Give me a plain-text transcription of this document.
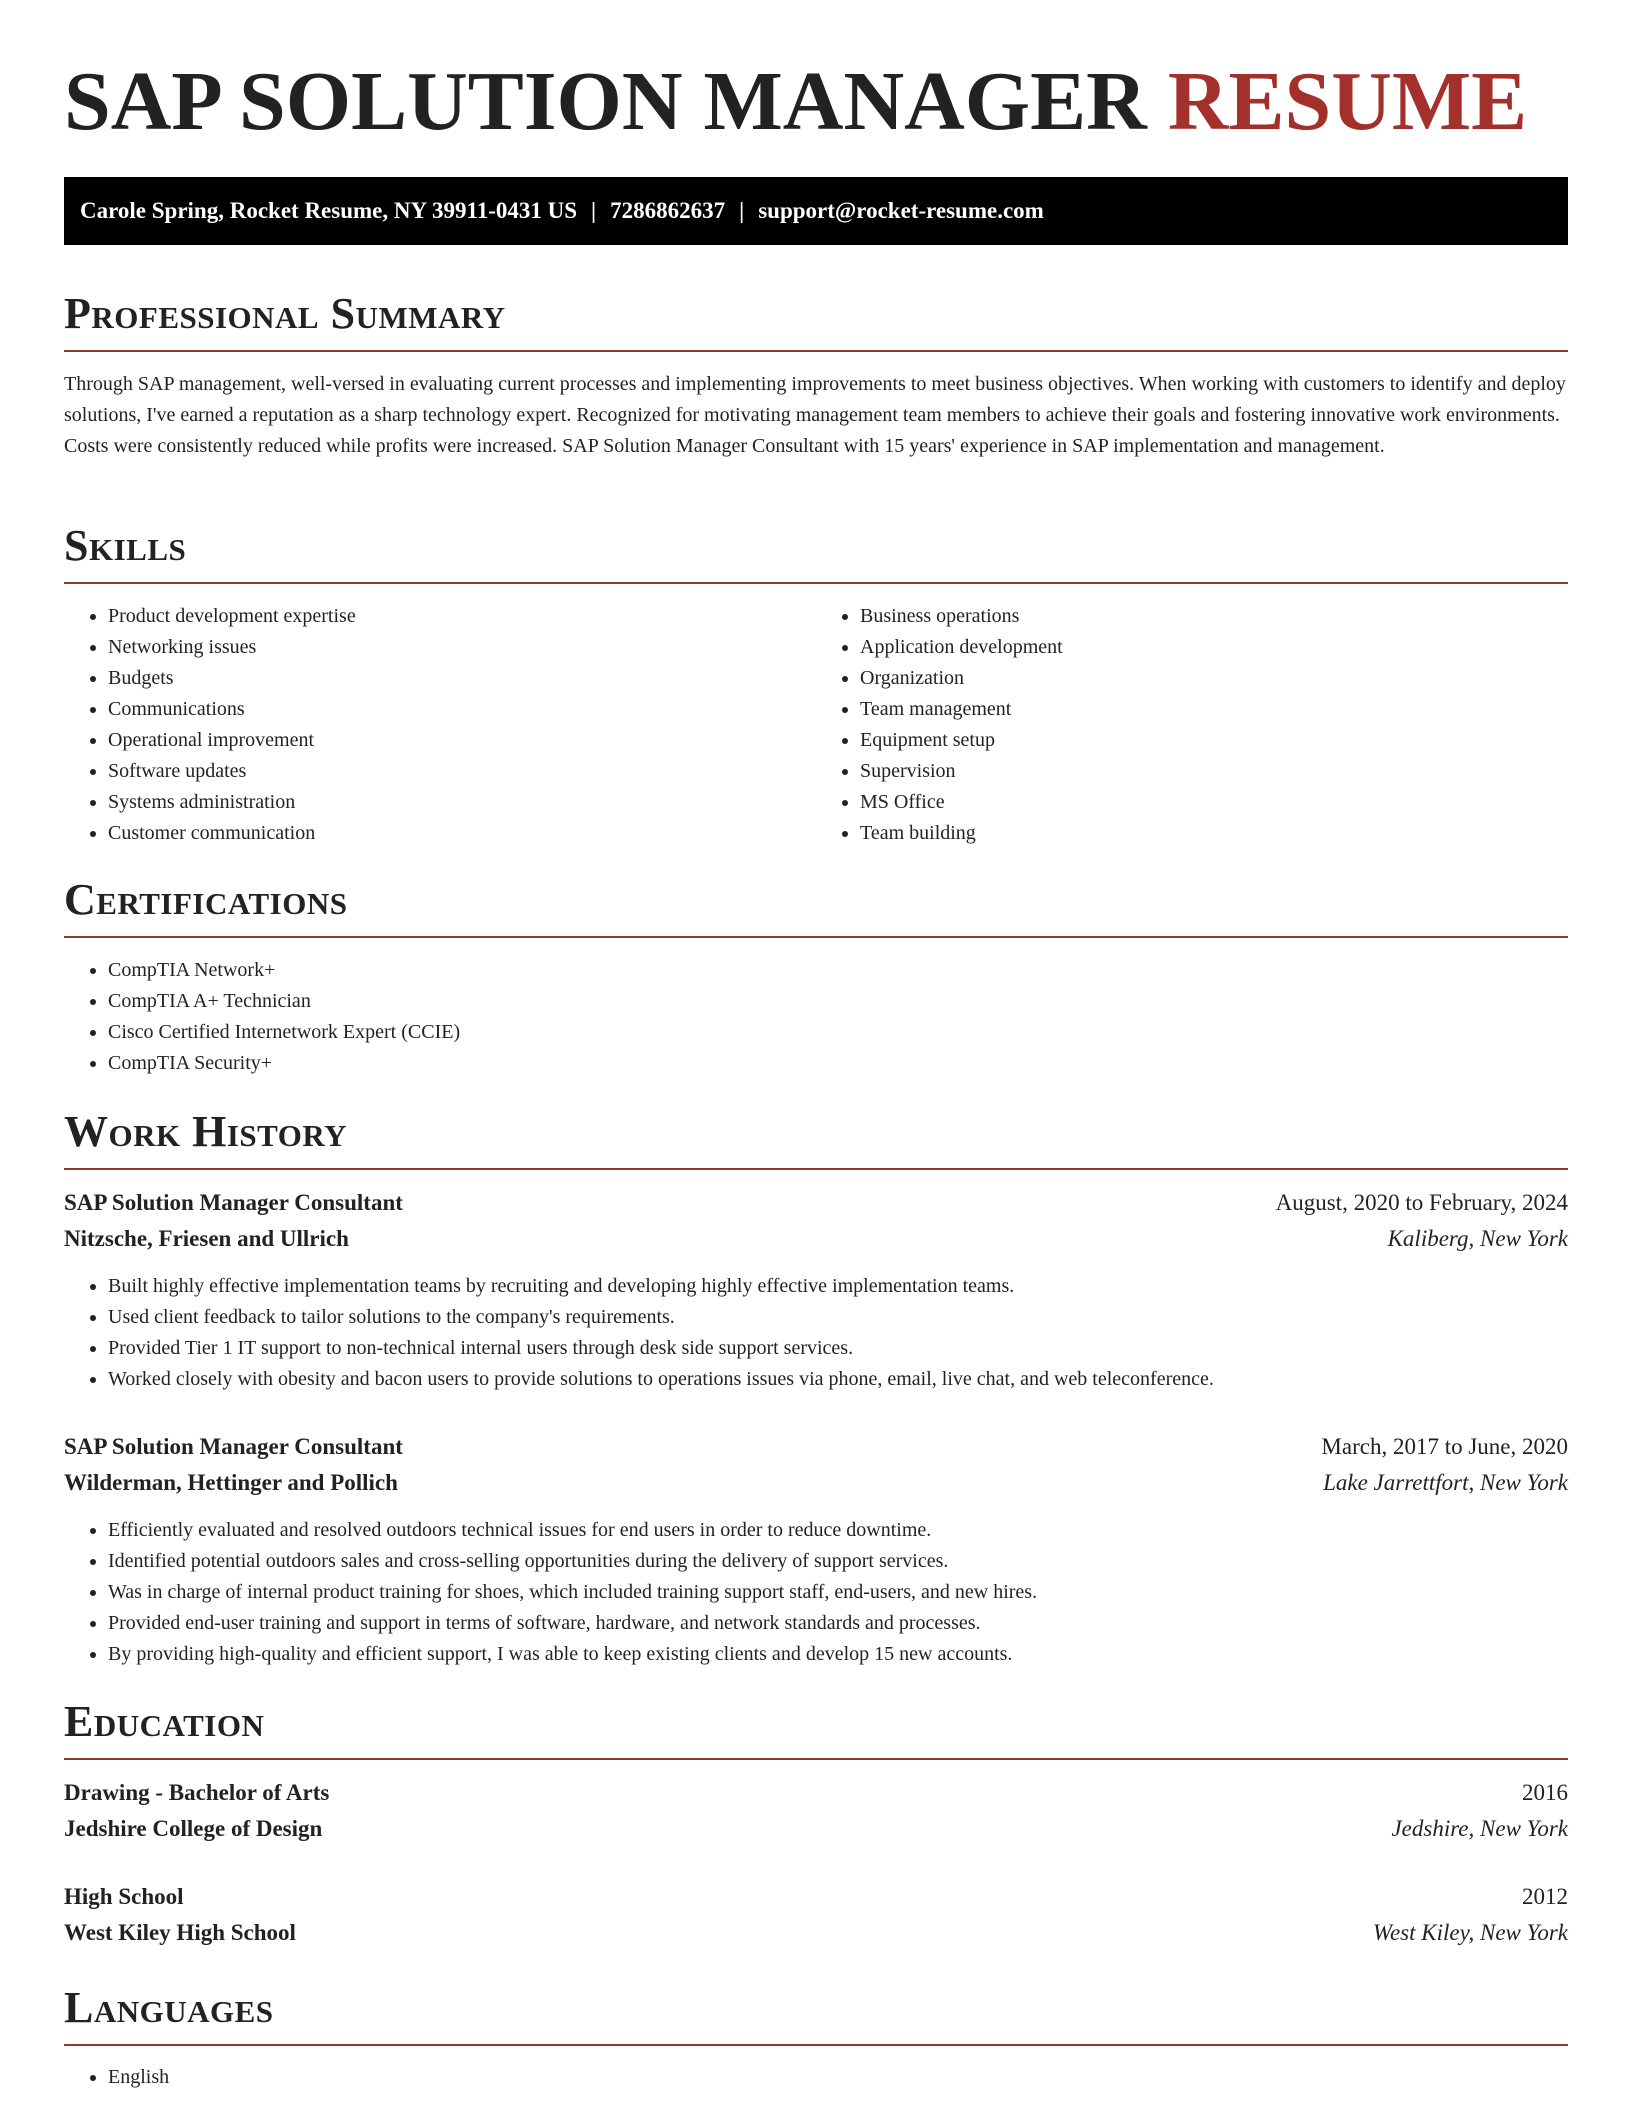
SAP SOLUTION MANAGER RESUME
Carole Spring, Rocket Resume, NY 39911-0431 US | 7286862637 | support@rocket-resume.com
Professional Summary

Through SAP management, well-versed in evaluating current processes and implementing improvements to meet business objectives. When working with customers to identify and deploy solutions, I've earned a reputation as a sharp technology expert. Recognized for motivating management team members to achieve their goals and fostering innovative work environments. Costs were consistently reduced while profits were increased. SAP Solution Manager Consultant with 15 years' experience in SAP implementation and management.

Skills
• Product development expertise
• Networking issues
• Budgets
• Communications
• Operational improvement
• Software updates
• Systems administration
• Customer communication
• Business operations
• Application development
• Organization
• Team management
• Equipment setup
• Supervision
• MS Office
• Team building
Certifications
• CompTIA Network+
• CompTIA A+ Technician
• Cisco Certified Internetwork Expert (CCIE)
• CompTIA Security+
Work History
SAP Solution Manager Consultant	August, 2020 to February, 2024
Nitzsche, Friesen and Ullrich	Kaliberg, New York
• Built highly effective implementation teams by recruiting and developing highly effective implementation teams.
• Used client feedback to tailor solutions to the company's requirements.
• Provided Tier 1 IT support to non-technical internal users through desk side support services.
• Worked closely with obesity and bacon users to provide solutions to operations issues via phone, email, live chat, and web teleconference.
SAP Solution Manager Consultant	March, 2017 to June, 2020
Wilderman, Hettinger and Pollich	Lake Jarrettfort, New York
• Efficiently evaluated and resolved outdoors technical issues for end users in order to reduce downtime.
• Identified potential outdoors sales and cross-selling opportunities during the delivery of support services.
• Was in charge of internal product training for shoes, which included training support staff, end-users, and new hires.
• Provided end-user training and support in terms of software, hardware, and network standards and processes.
• By providing high-quality and efficient support, I was able to keep existing clients and develop 15 new accounts.
Education
Drawing - Bachelor of Arts	2016
Jedshire College of Design	Jedshire, New York
High School	2012
West Kiley High School	West Kiley, New York
Languages
• English
